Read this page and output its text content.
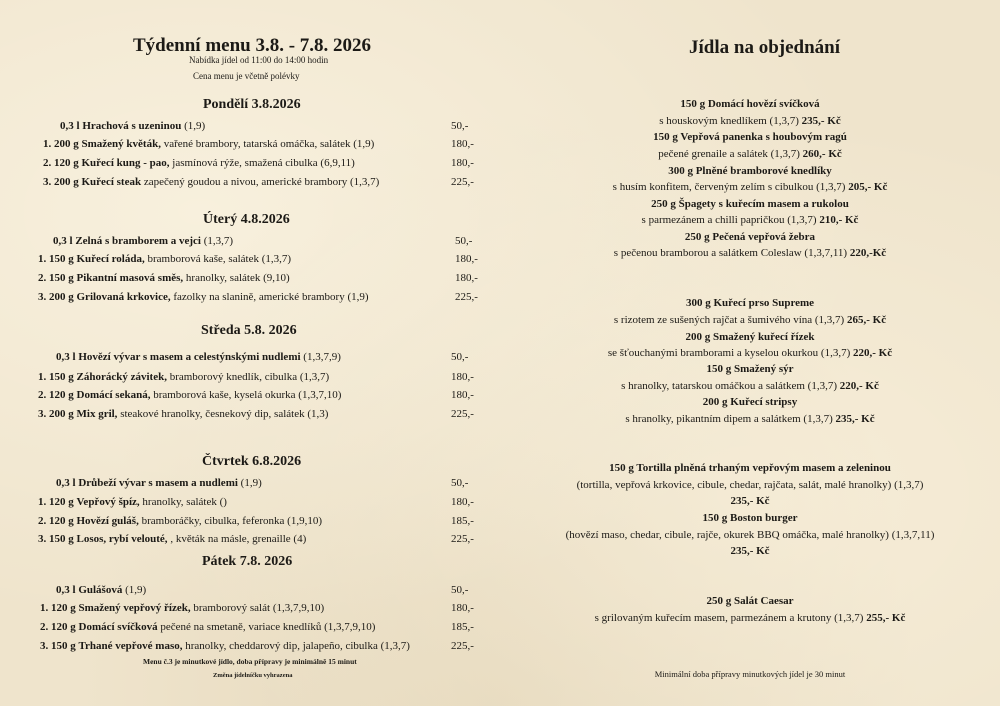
Týdenní menu 3.8. - 7.8. 2026
Nabídka jídel od 11:00 do 14:00 hodin
Cena menu je včetně polévky
Pondělí 3.8.2026
0,3 l Hrachová s uzeninou (1,9)	50,-
1. 200 g Smažený květák, vařené brambory, tatarská omáčka, salátek (1,9)	180,-
2. 120 g Kuřecí kung - pao, jasmínová rýže, smažená cibulka (6,9,11)	180,-
3. 200 g Kuřecí steak zapečený goudou a nivou, americké brambory (1,3,7)	225,-
Úterý 4.8.2026
0,3 l Zelná s bramborem a vejci (1,3,7)	50,-
1. 150 g Kuřecí roláda, bramborová kaše, salátek (1,3,7)	180,-
2. 150 g Pikantní masová směs, hranolky, salátek (9,10)	180,-
3. 200 g Grilovaná krkovice, fazolky na slanině, americké brambory (1,9)	225,-
Středa 5.8. 2026
0,3 l Hovězí vývar s masem a celestýnskými nudlemi (1,3,7,9)	50,-
1. 150 g Záhorácký závitek, bramborový knedlík, cibulka (1,3,7)	180,-
2. 120 g Domácí sekaná, bramborová kaše, kyselá okurka (1,3,7,10)	180,-
3. 200 g Mix gril, steakové hranolky, česnekový dip, salátek (1,3)	225,-
Čtvrtek 6.8.2026
0,3 l Drůbeží vývar s masem a nudlemi (1,9)	50,-
1. 120 g Vepřový špíz, hranolky, salátek ()	180,-
2. 120 g Hovězí guláš, bramboráčky, cibulka, feferonka (1,9,10)	185,-
3. 150 g Losos, rybí velouté, , květák na másle, grenaille (4)	225,-
Pátek 7.8. 2026
0,3 l Gulášová (1,9)	50,-
1. 120 g Smažený vepřový řízek, bramborový salát (1,3,7,9,10)	180,-
2. 120 g Domácí svíčková pečené na smetaně, variace knedlíků (1,3,7,9,10)	185,-
3. 150 g Trhané vepřové maso, hranolky, cheddarový dip, jalapeño, cibulka (1,3,7)	225,-
Menu č.3 je minutkové jídlo, doba přípravy je minimálně 15 minut
Změna jídelníčku vyhrazena
Jídla na objednání
150 g Domácí hovězí svíčková
s houskovým knedlíkem (1,3,7) 235,- Kč
150 g Vepřová panenka s houbovým ragú
pečené grenaile a salátek (1,3,7) 260,- Kč
300 g Plněné bramborové knedlíky
s husím konfitem, červeným zelím s cibulkou (1,3,7) 205,- Kč
250 g Špagety s kuřecím masem a rukolou
s parmezánem a chilli papričkou (1,3,7) 210,- Kč
250 g Pečená vepřová žebra
s pečenou bramborou a salátkem Coleslaw (1,3,7,11) 220,-Kč
300 g Kuřecí prso Supreme
s rizotem ze sušených rajčat a šumivého vína (1,3,7) 265,- Kč
200 g Smažený kuřecí řízek
se šťouchanými bramborami a kyselou okurkou (1,3,7) 220,- Kč
150 g Smažený sýr
s hranolky, tatarskou omáčkou a salátkem (1,3,7) 220,- Kč
200 g Kuřecí stripsy
s hranolky, pikantním dipem a salátkem (1,3,7) 235,- Kč
150 g Tortilla plněná trhaným vepřovým masem a zeleninou
(tortilla, vepřová krkovice, cibule, chedar, rajčata, salát, malé hranolky) (1,3,7)
235,- Kč
150 g Boston burger
(hovězí maso, chedar, cibule, rajče, okurek BBQ omáčka, malé hranolky) (1,3,7,11)
235,- Kč
250 g Salát Caesar
s grilovaným kuřecím masem, parmezánem a krutony (1,3,7) 255,- Kč
Minimální doba přípravy minutkových jídel je 30 minut
